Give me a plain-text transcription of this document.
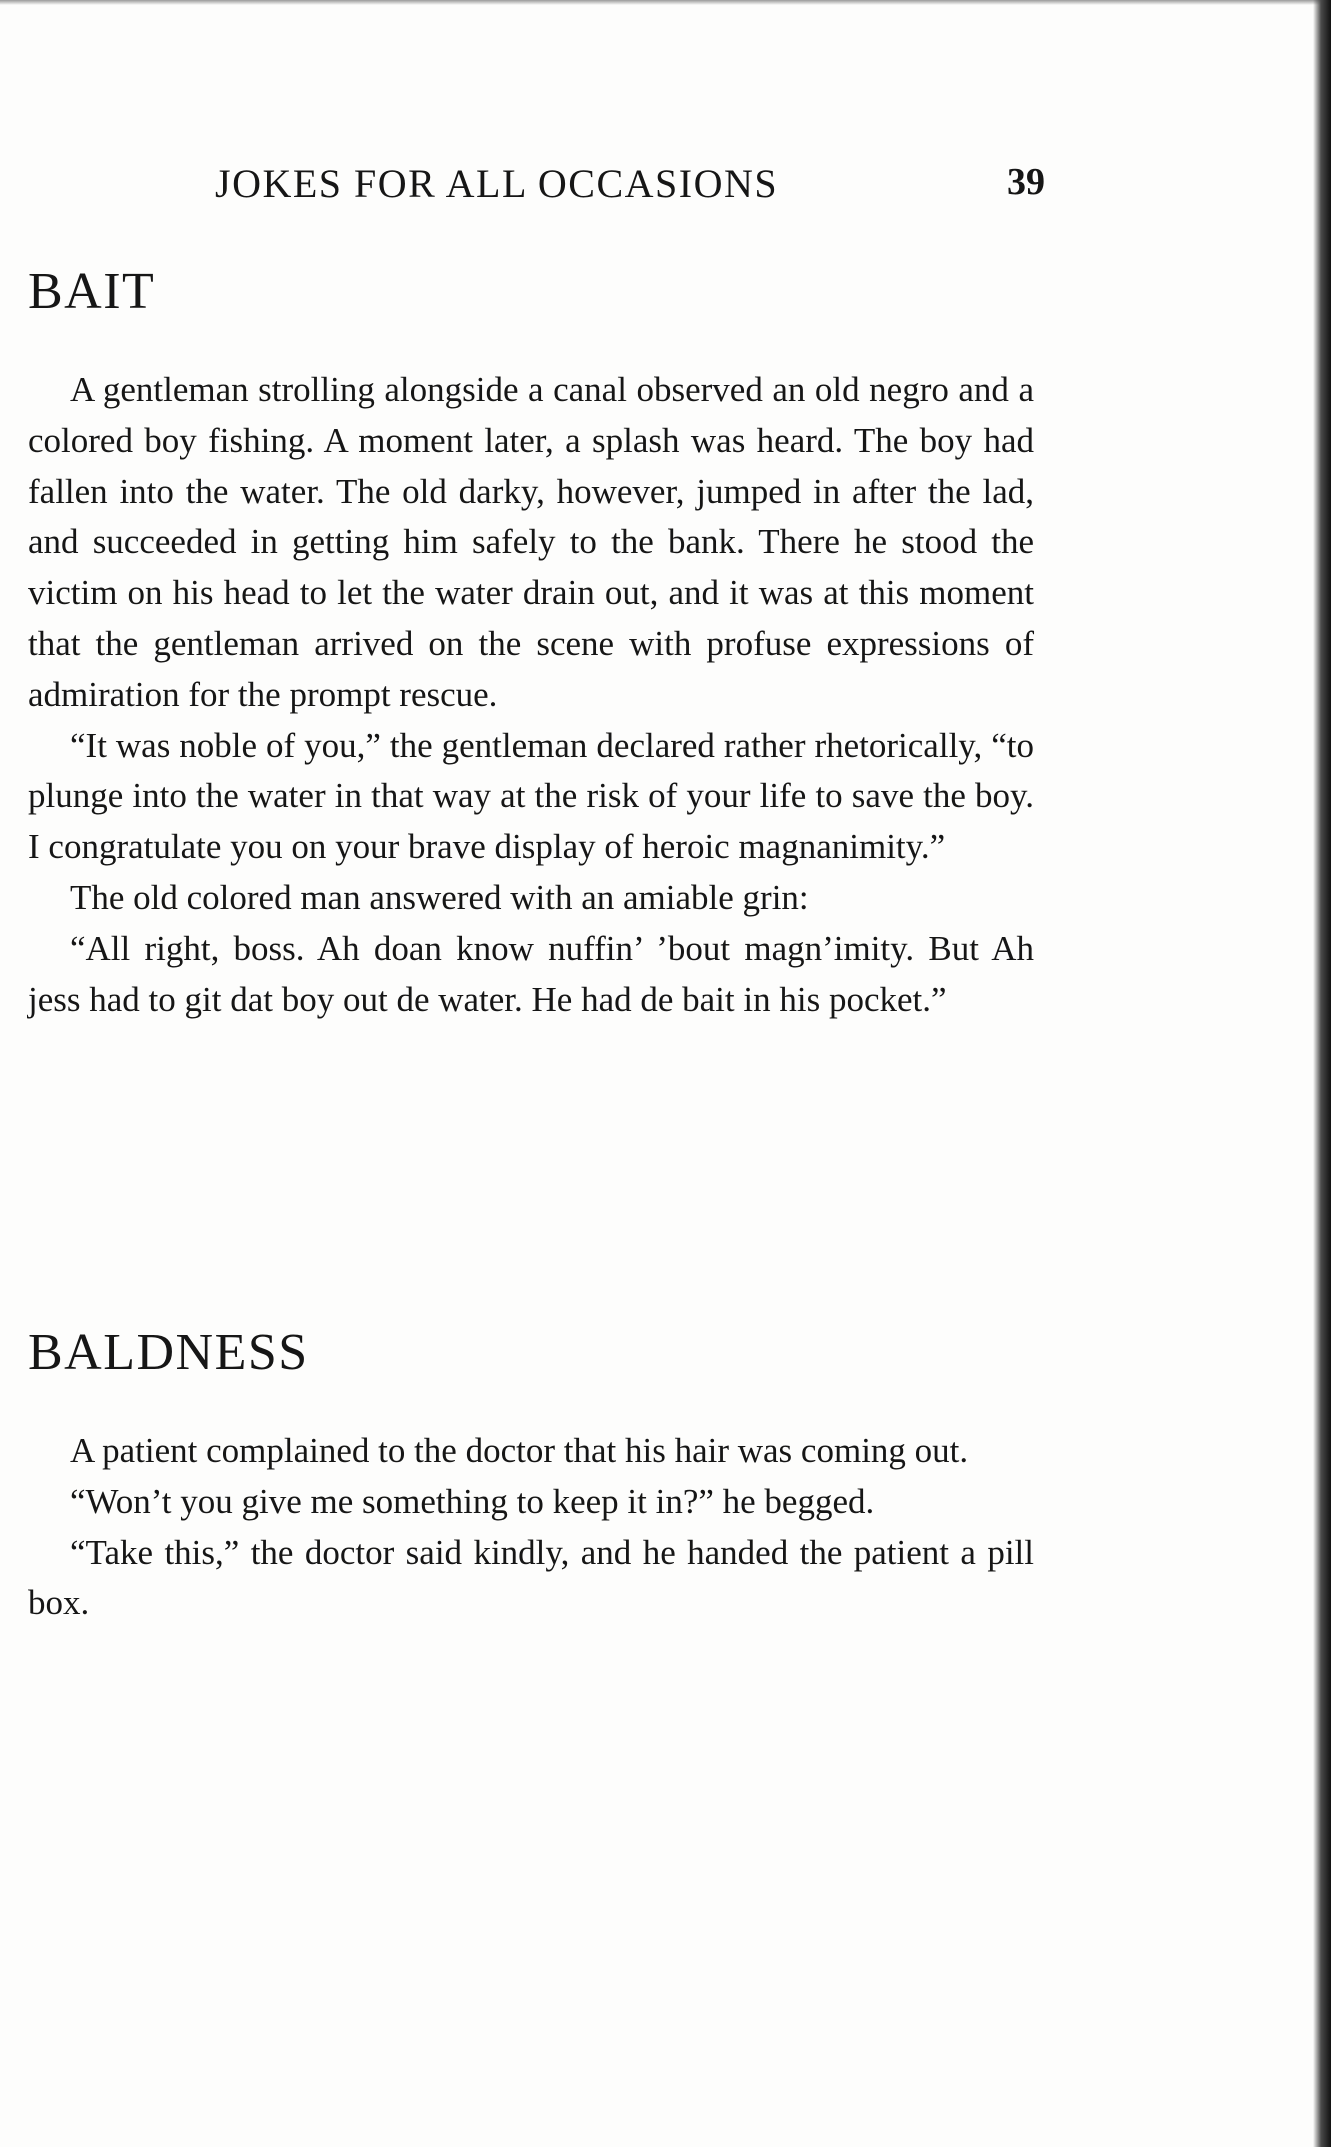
JOKES FOR ALL OCCASIONS	39
BAIT

A gentleman strolling alongside a canal observed an old negro and a colored boy fishing. A moment later, a splash was heard. The boy had fallen into the water. The old darky, however, jumped in after the lad, and succeeded in getting him safely to the bank. There he stood the victim on his head to let the water drain out, and it was at this moment that the gentleman arrived on the scene with profuse expressions of admiration for the prompt rescue.

“It was noble of you,” the gentleman declared rather rhetorically, “to plunge into the water in that way at the risk of your life to save the boy. I congratulate you on your brave display of heroic magnanimity.”

The old colored man answered with an amiable grin:

“All right, boss. Ah doan know nuffin’ ’bout magn’imity. But Ah jess had to git dat boy out de water. He had de bait in his pocket.”

BALDNESS

A patient complained to the doctor that his hair was coming out.

“Won’t you give me something to keep it in?” he begged.

“Take this,” the doctor said kindly, and he handed the patient a pill box.
